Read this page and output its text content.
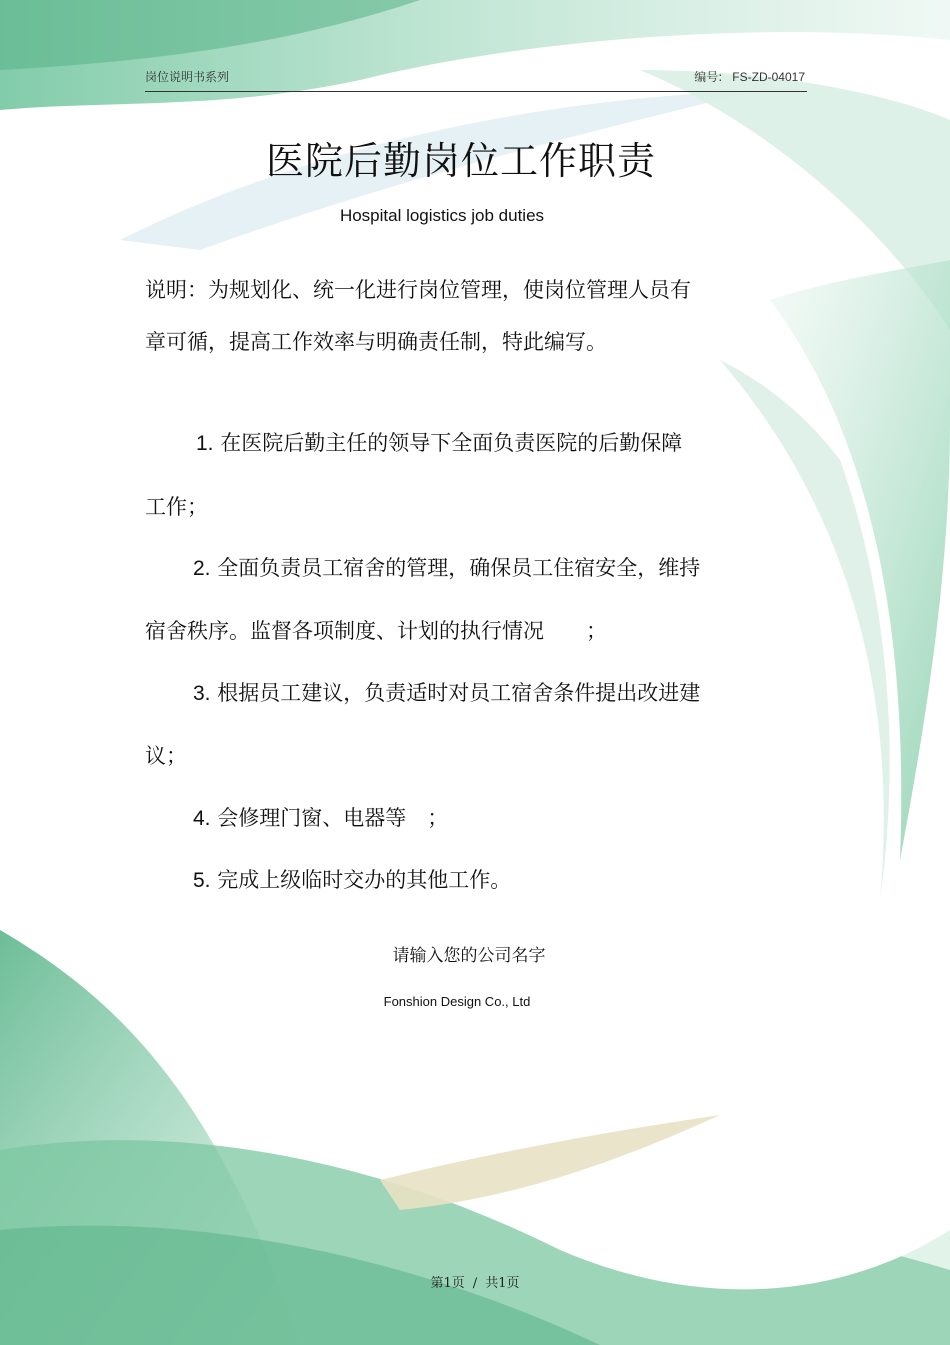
岗位说明书系列	编号: FS-ZD-04017
医院后勤岗位工作职责
Hospital logistics job duties
说明：为规划化、统一化进行岗位管理，使岗位管理人员有
章可循，提高工作效率与明确责任制，特此编写。
1. 在医院后勤主任的领导下全面负责医院的后勤保障
工作；
2. 全面负责员工宿舍的管理，确保员工住宿安全，维持
宿舍秩序。监督各项制度、计划的执行情况　　；
3. 根据员工建议，负责适时对员工宿舍条件提出改进建
议；
4. 会修理门窗、电器等　；
5. 完成上级临时交办的其他工作。
请输入您的公司名字
Fonshion Design Co., Ltd
第1页 / 共1页
